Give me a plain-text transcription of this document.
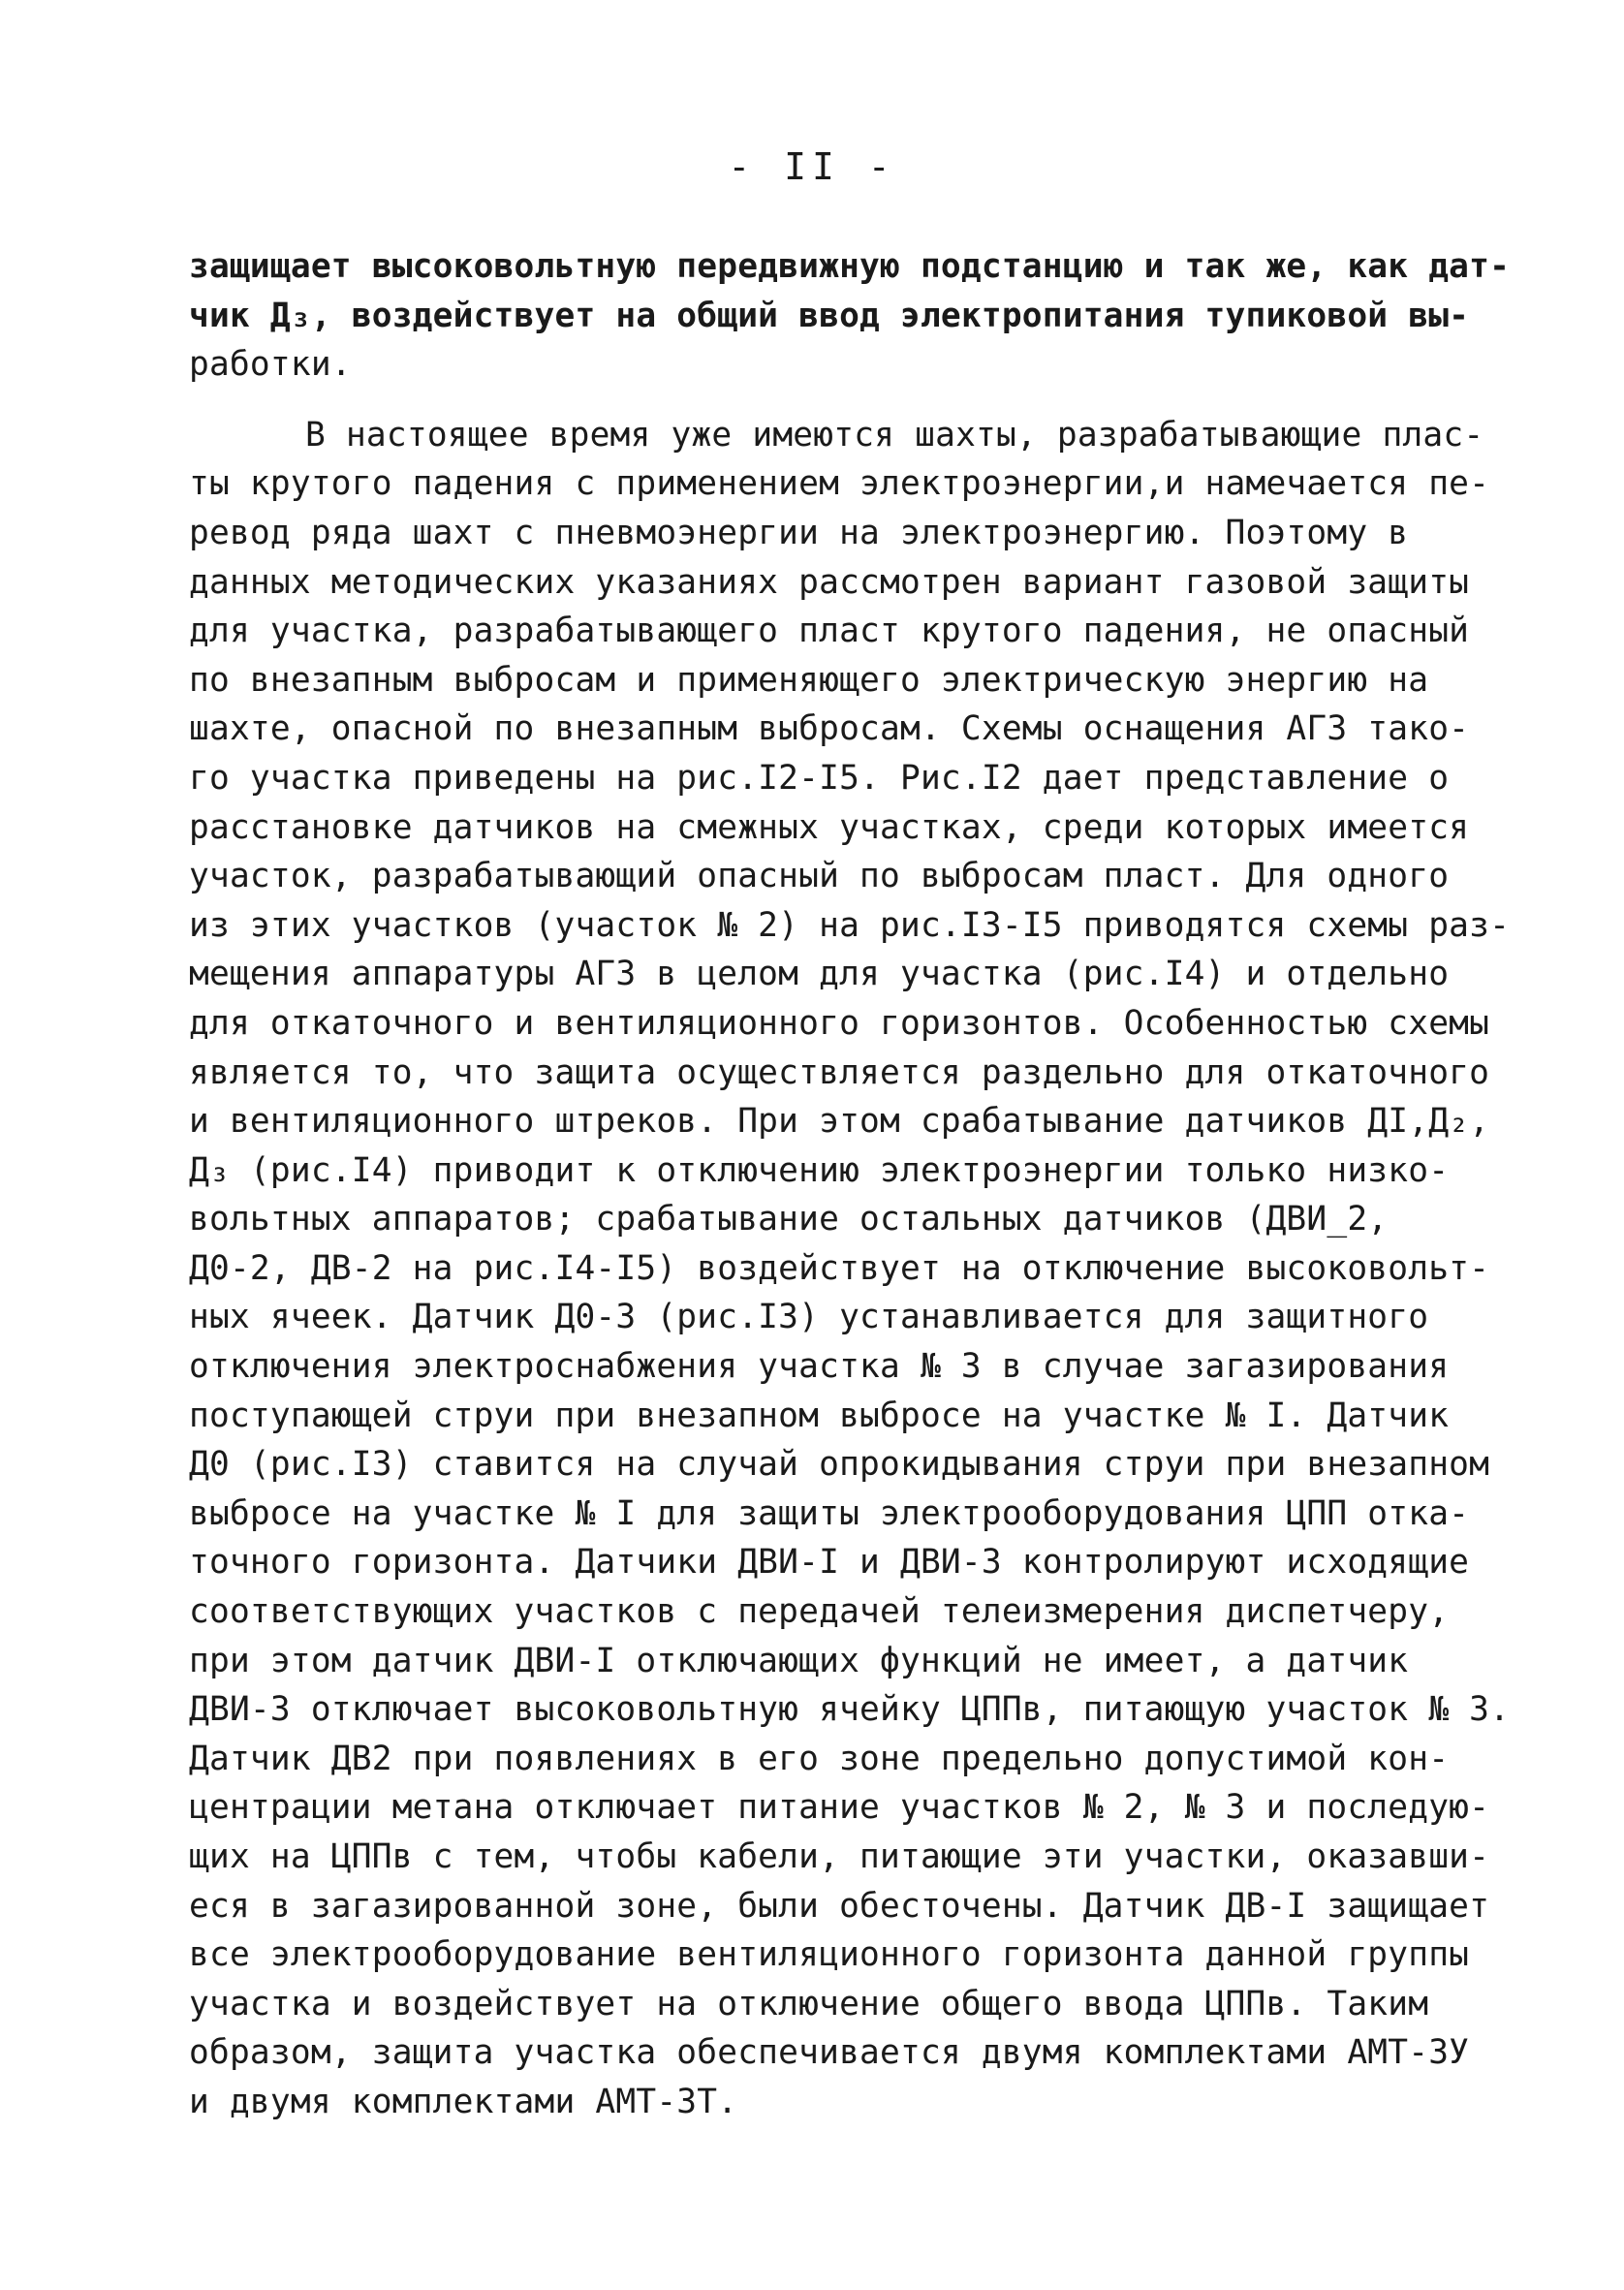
- II -
защищает высоковольтную передвижную подстанцию и так же, как дат-
чик Д₃, воздействует на общий ввод электропитания тупиковой вы-
работки.
В настоящее время уже имеются шахты, разрабатывающие плас-
ты крутого падения с применением электроэнергии,и намечается пе-
ревод ряда шахт с пневмоэнергии на электроэнергию. Поэтому в
данных методических указаниях рассмотрен вариант газовой защиты
для участка, разрабатывающего пласт крутого падения, не опасный
по внезапным выбросам и применяющего электрическую энергию на
шахте, опасной по внезапным выбросам. Схемы оснащения АГЗ тако-
го участка приведены на рис.I2-I5. Рис.I2 дает представление о
расстановке датчиков на смежных участках, среди которых имеется
участок, разрабатывающий опасный по выбросам пласт. Для одного
из этих участков (участок № 2) на рис.I3-I5 приводятся схемы раз-
мещения аппаратуры АГЗ в целом для участка (рис.I4) и отдельно
для откаточного и вентиляционного горизонтов. Особенностью схемы
является то, что защита осуществляется раздельно для откаточного
и вентиляционного штреков. При этом срабатывание датчиков ДI,Д₂,
Д₃ (рис.I4) приводит к отключению электроэнергии только низко-
вольтных аппаратов; срабатывание остальных датчиков (ДВИ_2,
Д0-2, ДВ-2 на рис.I4-I5) воздействует на отключение высоковольт-
ных ячеек. Датчик Д0-3 (рис.I3) устанавливается для защитного
отключения электроснабжения участка № 3 в случае загазирования
поступающей струи при внезапном выбросе на участке № I. Датчик
Д0 (рис.I3) ставится на случай опрокидывания струи при внезапном
выбросе на участке № I для защиты электрооборудования ЦПП отка-
точного горизонта. Датчики ДВИ-I и ДВИ-3 контролируют исходящие
соответствующих участков с передачей телеизмерения диспетчеру,
при этом датчик ДВИ-I отключающих функций не имеет, а датчик
ДВИ-3 отключает высоковольтную ячейку ЦППв, питающую участок № 3.
Датчик ДВ2 при появлениях в его зоне предельно допустимой кон-
центрации метана отключает питание участков № 2, № 3 и последую-
щих на ЦППв с тем, чтобы кабели, питающие эти участки, оказавши-
еся в загазированной зоне, были обесточены. Датчик ДВ-I защищает
все электрооборудование вентиляционного горизонта данной группы
участка и воздействует на отключение общего ввода ЦППв. Таким
образом, защита участка обеспечивается двумя комплектами АМТ-3У
и двумя комплектами АМТ-3Т.
